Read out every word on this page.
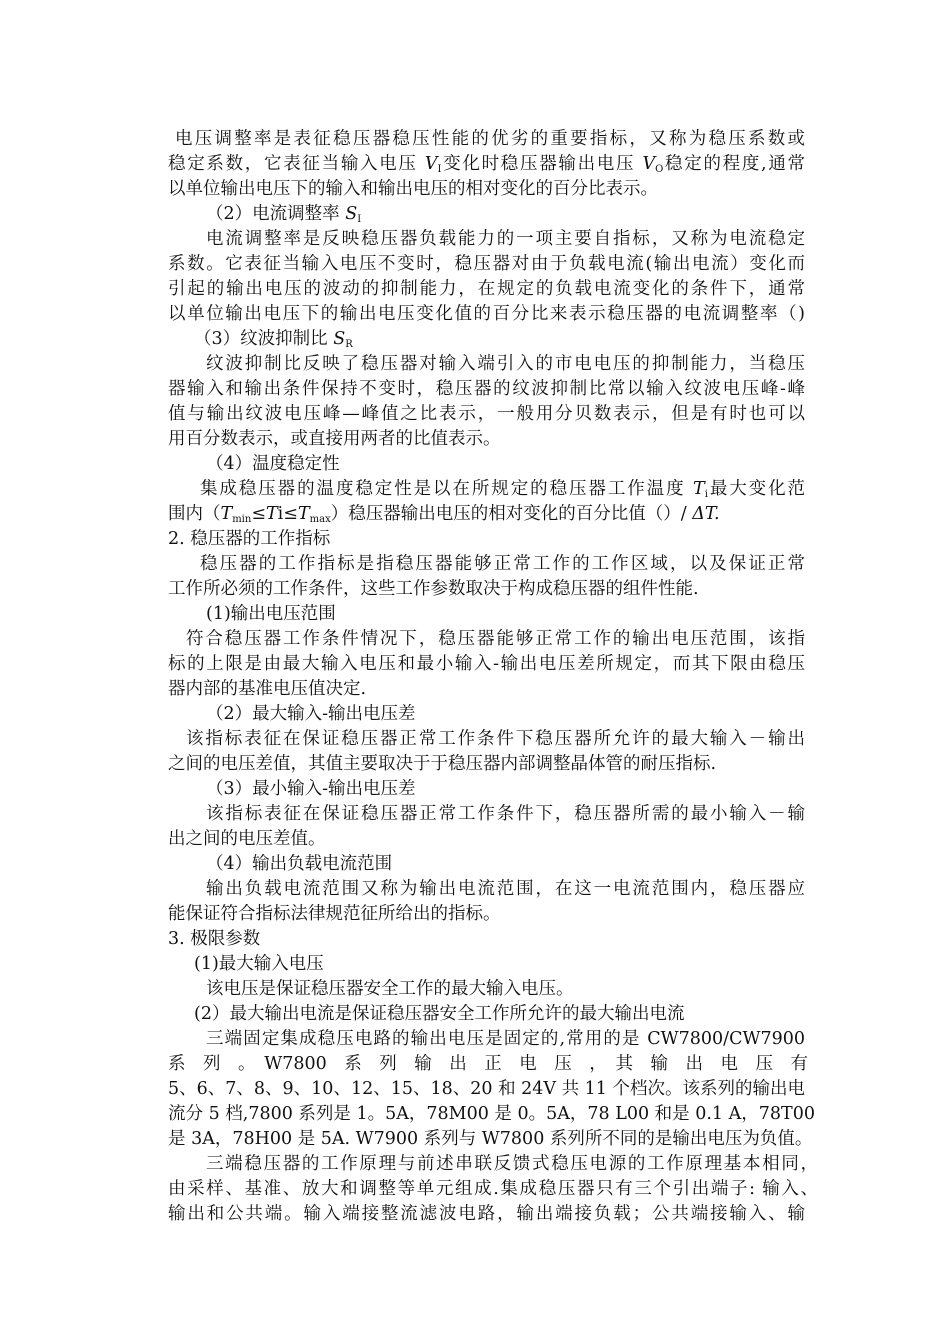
电压调整率是表征稳压器稳压性能的优劣的重要指标，又称为稳压系数或
稳定系数，它表征当输入电压 $V_I$变化时稳压器输出电压 $V_O$稳定的程度,通常
以单位输出电压下的输入和输出电压的相对变化的百分比表示。
（2）电流调整率 $S_I$
电流调整率是反映稳压器负载能力的一项主要自指标，又称为电流稳定
系数。它表征当输入电压不变时，稳压器对由于负载电流(输出电流）变化而
引起的输出电压的波动的抑制能力，在规定的负载电流变化的条件下，通常
以单位输出电压下的输出电压变化值的百分比来表示稳压器的电流调整率（)
（3）纹波抑制比 $S_R$
纹波抑制比反映了稳压器对输入端引入的市电电压的抑制能力，当稳压
器输入和输出条件保持不变时，稳压器的纹波抑制比常以输入纹波电压峰-峰
值与输出纹波电压峰—峰值之比表示，一般用分贝数表示，但是有时也可以
用百分数表示，或直接用两者的比值表示。
（4）温度稳定性
集成稳压器的温度稳定性是以在所规定的稳压器工作温度 $T_i$最大变化范
围内$(T_{min}\le Ti\le T_{max})$稳压器输出电压的相对变化的百分比值（）/ ΔT.
2. 稳压器的工作指标
稳压器的工作指标是指稳压器能够正常工作的工作区域，以及保证正常
工作所必须的工作条件，这些工作参数取决于构成稳压器的组件性能.
(1)输出电压范围
符合稳压器工作条件情况下，稳压器能够正常工作的输出电压范围，该指
标的上限是由最大输入电压和最小输入-输出电压差所规定，而其下限由稳压
器内部的基准电压值决定.
（2）最大输入-输出电压差
该指标表征在保证稳压器正常工作条件下稳压器所允许的最大输入－输出
之间的电压差值，其值主要取决于于稳压器内部调整晶体管的耐压指标.
（3）最小输入-输出电压差
该指标表征在保证稳压器正常工作条件下，稳压器所需的最小输入－输
出之间的电压差值。
（4）输出负载电流范围
输出负载电流范围又称为输出电流范围，在这一电流范围内，稳压器应
能保证符合指标法律规范征所给出的指标。
3. 极限参数
(1)最大输入电压
该电压是保证稳压器安全工作的最大输入电压。
(2）最大输出电流是保证稳压器安全工作所允许的最大输出电流
三端固定集成稳压电路的输出电压是固定的,常用的是 CW7800/CW7900
系　列　。　W7800　系　列　输　出　正　电　压　，　其　输　出　电　压　有
5、6、7、8、9、10、12、15、18、20 和 24V 共 11 个档次。该系列的输出电
流分 5 档,7800 系列是 1。5A，78M00 是 0。5A，78 L00 和是 0.1 A，78T00
是 3A，78H00 是 5A. W7900 系列与 W7800 系列所不同的是输出电压为负值。
三端稳压器的工作原理与前述串联反馈式稳压电源的工作原理基本相同，
由采样、基准、放大和调整等单元组成.集成稳压器只有三个引出端子: 输入、
输出和公共端。输入端接整流滤波电路，输出端接负载；公共端接输入、输
